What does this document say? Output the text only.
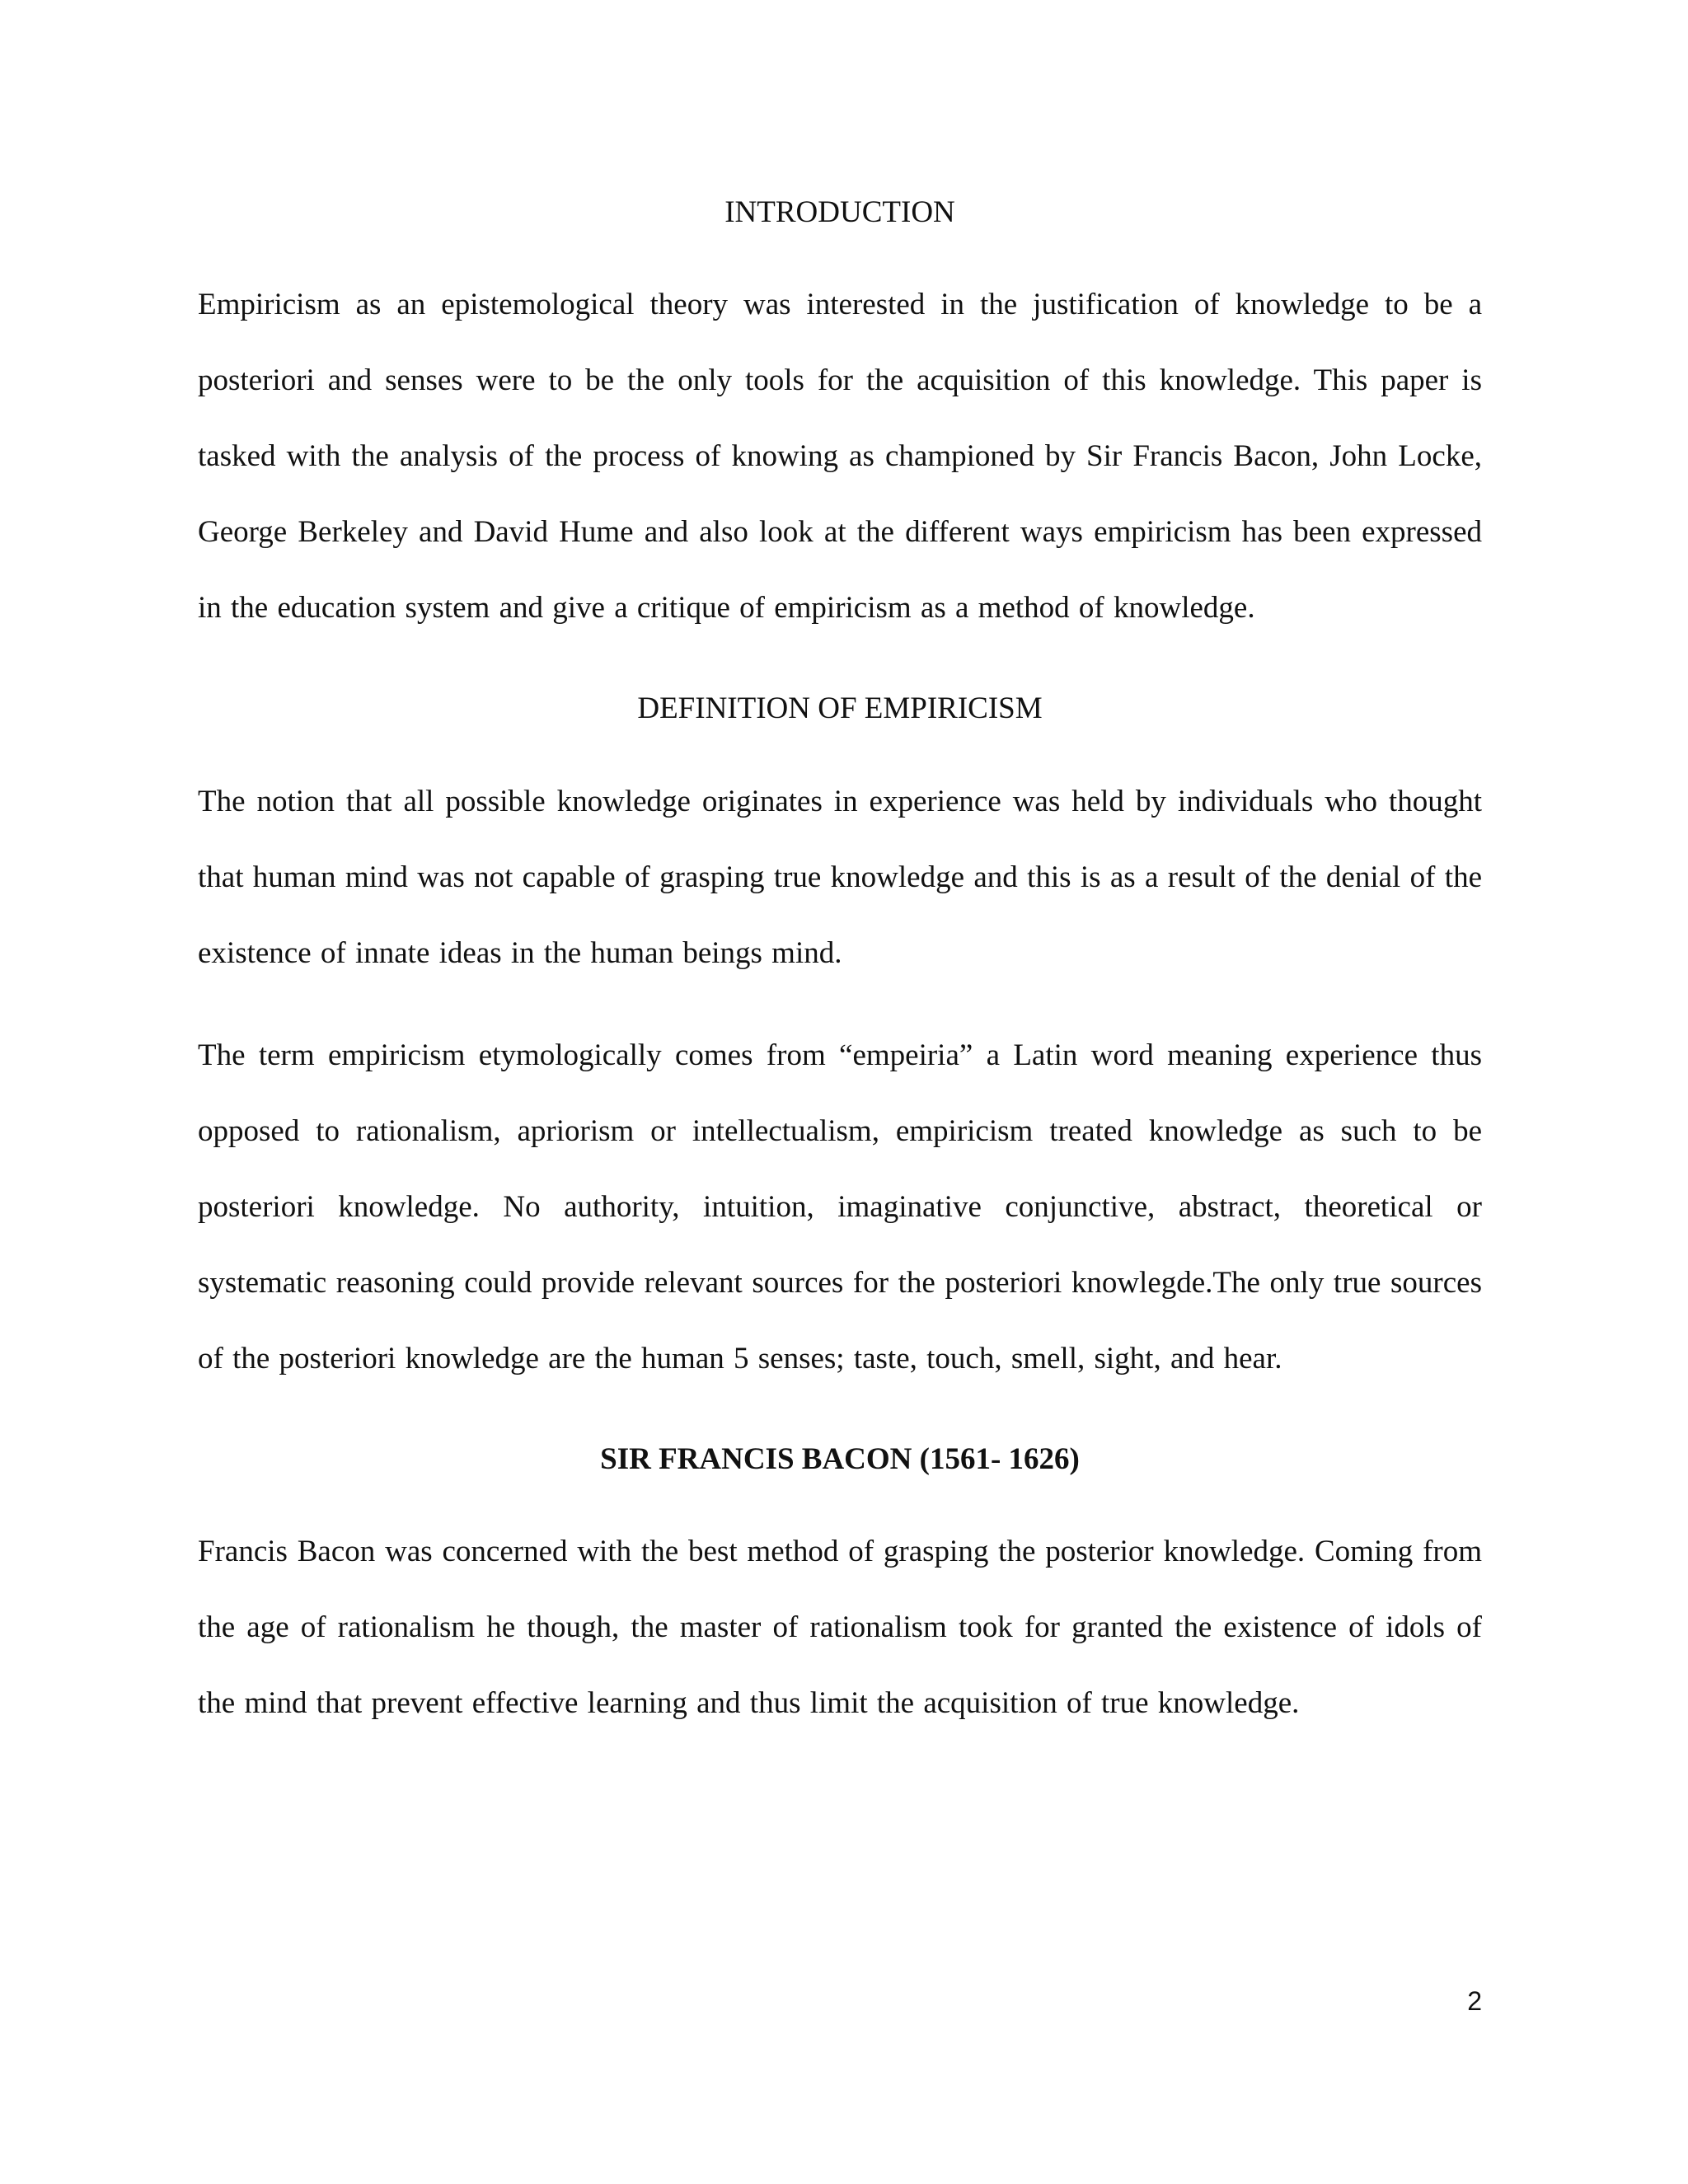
INTRODUCTION

Empiricism as an epistemological theory was interested in the justification of knowledge to be a posteriori and senses were to be the only tools for the acquisition of this knowledge. This paper is tasked with the analysis of the process of knowing as championed by Sir Francis Bacon, John Locke, George Berkeley and David Hume and also look at the different ways empiricism has been expressed in the education system and give a critique of empiricism as a method of knowledge.

DEFINITION OF EMPIRICISM

The notion that all possible knowledge originates in experience was held by individuals who thought that human mind was not capable of grasping true knowledge and this is as a result of the denial of the existence of innate ideas in the human beings mind.

The term empiricism etymologically comes from “empeiria” a Latin word meaning experience thus opposed to rationalism, apriorism or intellectualism, empiricism treated knowledge as such to be posteriori knowledge. No authority, intuition, imaginative conjunctive, abstract, theoretical or systematic reasoning could provide relevant sources for the posteriori knowlegde.The only true sources of the posteriori knowledge are the human 5 senses; taste, touch, smell, sight, and hear.

SIR FRANCIS BACON (1561- 1626)

Francis Bacon was concerned with the best method of grasping the posterior knowledge. Coming from the age of rationalism he though, the master of rationalism took for granted the existence of idols of the mind that prevent effective learning and thus limit the acquisition of true knowledge.

2
